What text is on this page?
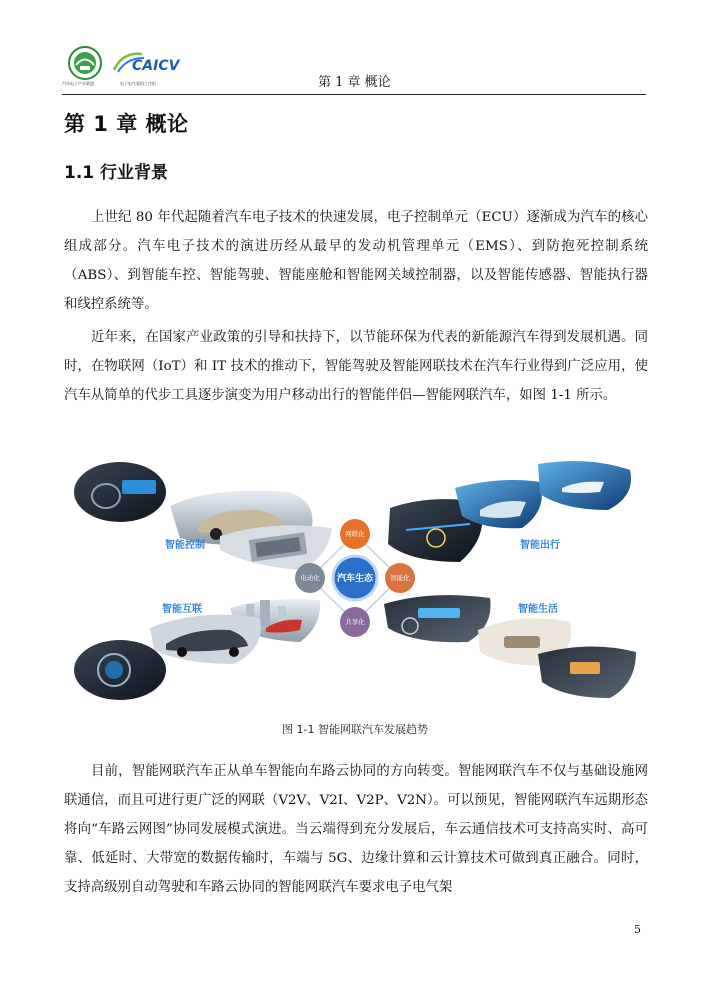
汽车电子产业联盟
CAICV
电子电气架构工作组	第 1 章 概论
第 1 章 概论
1.1 行业背景

上世纪 80 年代起随着汽车电子技术的快速发展，电子控制单元（ECU）逐渐成为汽车的核心组成部分。汽车电子技术的演进历经从最早的发动机管理单元（EMS）、到防抱死控制系统（ABS）、到智能车控、智能驾驶、智能座舱和智能网关域控制器，以及智能传感器、智能执行器和线控系统等。

近年来，在国家产业政策的引导和扶持下，以节能环保为代表的新能源汽车得到发展机遇。同时，在物联网（IoT）和 IT 技术的推动下，智能驾驶及智能网联技术在汽车行业得到广泛应用，使汽车从简单的代步工具逐步演变为用户移动出行的智能伴侣—智能网联汽车，如图 1-1 所示。

智能控制	智能出行
智能互联	智能生活
网联化
电动化	智能化
共享化
汽车生态
图 1-1 智能网联汽车发展趋势

目前，智能网联汽车正从单车智能向车路云协同的方向转变。智能网联汽车不仅与基础设施网联通信，而且可进行更广泛的网联（V2V、V2I、V2P、V2N）。可以预见，智能网联汽车远期形态将向“车路云网图”协同发展模式演进。当云端得到充分发展后，车云通信技术可支持高实时、高可靠、低延时、大带宽的数据传输时，车端与 5G、边缘计算和云计算技术可做到真正融合。同时，支持高级别自动驾驶和车路云协同的智能网联汽车要求电子电气架

5
